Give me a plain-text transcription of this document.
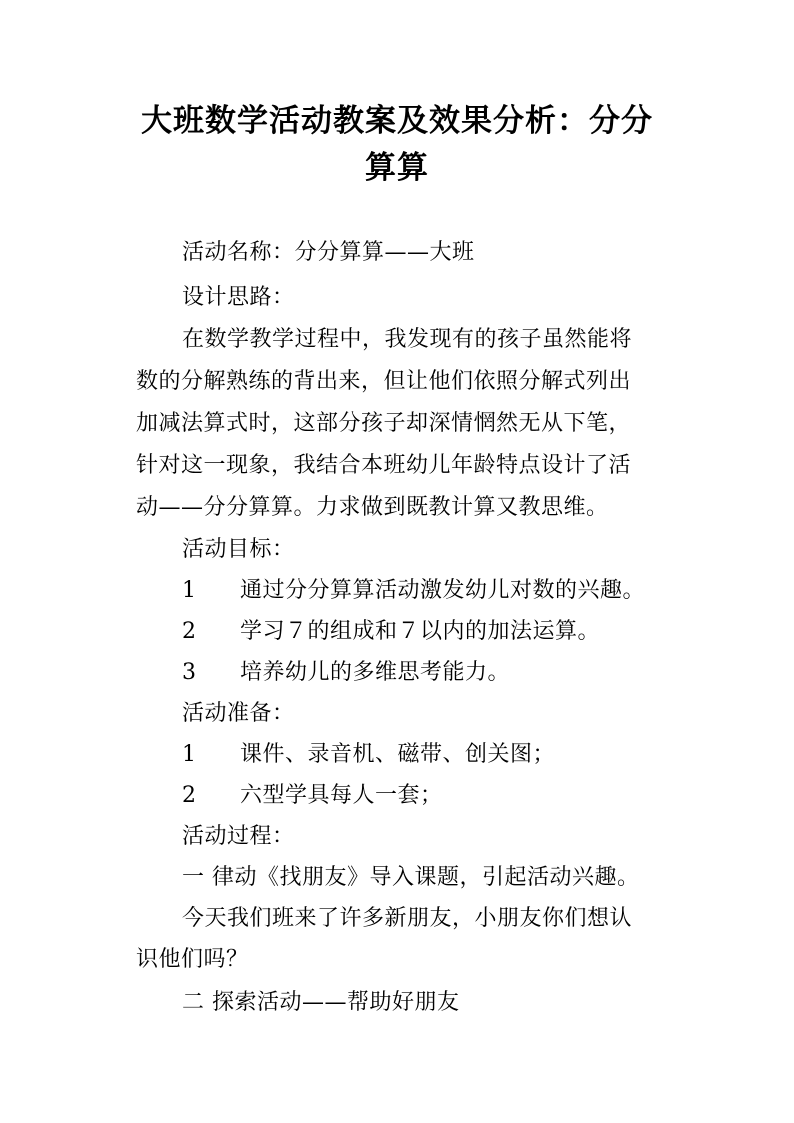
大班数学活动教案及效果分析：分分
算算
活动名称：分分算算——大班
设计思路：
在数学教学过程中，我发现有的孩子虽然能将
数的分解熟练的背出来，但让他们依照分解式列出
加减法算式时，这部分孩子却深情惘然无从下笔，
针对这一现象，我结合本班幼儿年龄特点设计了活
动——分分算算。力求做到既教计算又教思维。
活动目标：
1 通过分分算算活动激发幼儿对数的兴趣。
2 学习７的组成和７以内的加法运算。
3 培养幼儿的多维思考能力。
活动准备：
1 课件、录音机、磁带、创关图；
2 六型学具每人一套；
活动过程：
一 律动《找朋友》导入课题，引起活动兴趣。
今天我们班来了许多新朋友，小朋友你们想认
识他们吗？
二 探索活动——帮助好朋友
